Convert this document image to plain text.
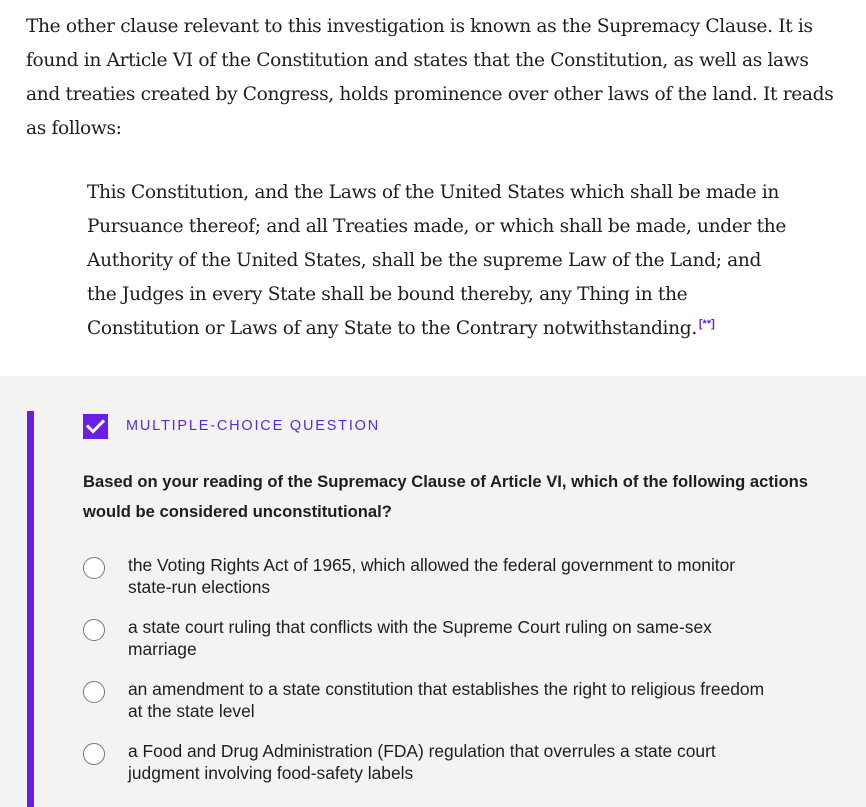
The other clause relevant to this investigation is known as the Supremacy Clause. It is found in Article VI of the Constitution and states that the Constitution, as well as laws and treaties created by Congress, holds prominence over other laws of the land. It reads as follows:

This Constitution, and the Laws of the United States which shall be made in Pursuance thereof; and all Treaties made, or which shall be made, under the Authority of the United States, shall be the supreme Law of the Land; and the Judges in every State shall be bound thereby, any Thing in the Constitution or Laws of any State to the Contrary notwithstanding. [**]

MULTIPLE-CHOICE QUESTION

Based on your reading of the Supremacy Clause of Article VI, which of the following actions would be considered unconstitutional?

the Voting Rights Act of 1965, which allowed the federal government to monitor state-run elections
a state court ruling that conflicts with the Supreme Court ruling on same-sex marriage
an amendment to a state constitution that establishes the right to religious freedom at the state level
a Food and Drug Administration (FDA) regulation that overrules a state court judgment involving food-safety labels
